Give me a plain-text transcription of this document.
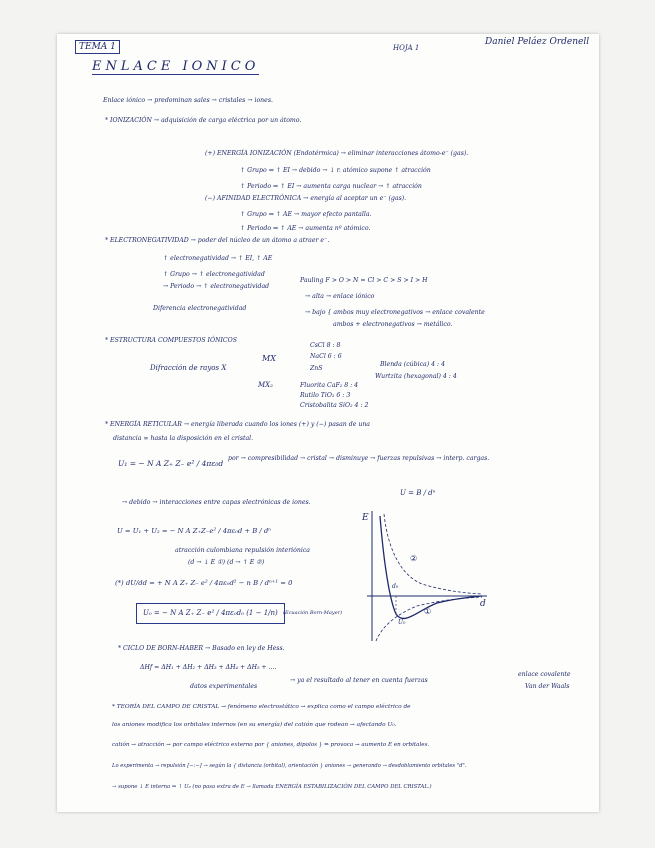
TEMA 1	HOJA 1
Daniel Peláez Ordenell
ENLACE IONICO
Enlace iónico → predominan sales → cristales → iones.
* IONIZACIÓN → adquisición de carga eléctrica por un átomo.
(+) ENERGÍA IONIZACIÓN (Endotérmica) → eliminar interacciones átomo-e⁻ (gas).
↑ Grupo ⇒ ↑ EI → debido → ↓ r. atómico supone ↑ atracción
↑ Periodo ⇒ ↑ EI → aumenta carga nuclear → ↑ atracción
(−) AFINIDAD ELECTRÓNICA → energía al aceptar un e⁻ (gas).
↑ Grupo ⇒ ↑ AE → mayor efecto pantalla.
↑ Periodo ⇒ ↑ AE → aumenta nº atómico.
* ELECTRONEGATIVIDAD → poder del núcleo de un átomo a atraer e⁻.
↑ electronegatividad → ↑ EI, ↑ AE
↑ Grupo → ↑ electronegatividad
→ Periodo → ↑ electronegatividad
Pauling F > O > N = Cl > C > S > I > H
Diferencia electronegatividad
→ alta → enlace iónico
→ bajo { ambos muy electronegativos → enlace covalente
ambos + electronegativos → metálico.
* ESTRUCTURA COMPUESTOS IÓNICOS
Difracción de rayos X
MX
CsCl 8 : 8
NaCl 6 : 6
ZnS
Blenda (cúbica) 4 : 4
Wurtzita (hexagonal) 4 : 4
MX₂	Fluorita CaF₂ 8 : 4
Rutilo TiO₂ 6 : 3
Cristobalita SiO₂ 4 : 2
* ENERGÍA RETICULAR → energía liberada cuando los iones (+) y (−) pasan de una
distancia ∞ hasta la disposición en el cristal.
U₁ = − N A Z₊ Z₋ e² / 4πε₀d
por → compresibilidad → cristal → disminuye → fuerzas repulsivas → interp. cargas.
→ debido → interacciones entre capas electrónicas de iones.
U = B / dⁿ
U = U₁ + U₂ = − N A Z₊Z₋e² / 4πε₀d + B / dⁿ
atracción culombiana repulsión interiónica
(d → ↓ E ①) (d → ↑ E ②)
(*) dU/dd = + N A Z₊ Z₋ e² / 4πε₀d² − n B / dⁿ⁺¹ = 0
U₀ = − N A Z₊ Z₋ e² / 4πε₀d₀ (1 − 1/n)	(Ecuación Born-Mayer)
* CICLO DE BORN-HABER → Basado en ley de Hess.
ΔHf = ΔH₁ + ΔH₂ + ΔH₃ + ΔH₄ + ΔH₅ + ....
datos experimentales
→ ya el resultado al tener en cuenta fuerzas
enlace covalente
Van der Waals
* TEORÍA DEL CAMPO DE CRISTAL → fenómeno electrostático → explica como el campo eléctrico de
los aniones modifica los orbitales internos (en su energía) del catión que rodean → afectando U₀.
catión → atracción → por campo eléctrico externo por { aniones, dipolos } ⇒ provoca → aumento E en orbitales.
Lo experimenta → repulsión [−:−] → según la { distancia (orbital), orientación } aniones → generando → desdoblamiento orbitales "d".
→ supone ↓ E interna ⇒ ↑ U₀ (no pasa extra de E → llamada ENERGÍA ESTABILIZACIÓN DEL CAMPO DEL CRISTAL.)
E
d
②
①
d₀
U₀
